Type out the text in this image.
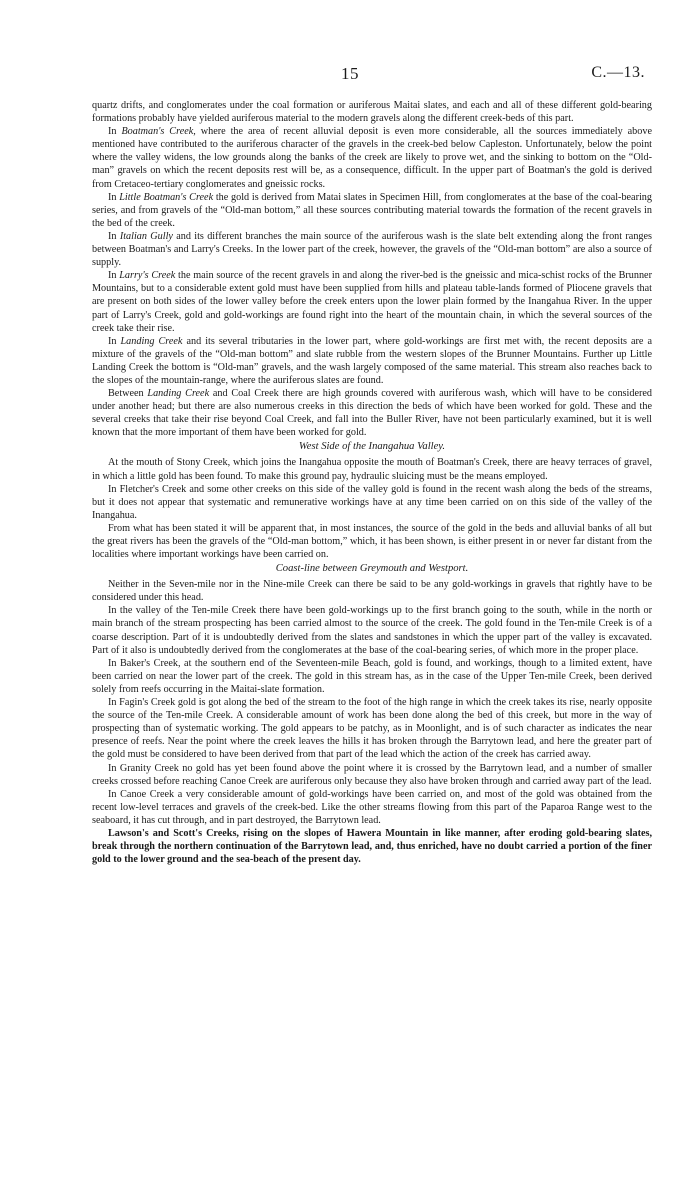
15	C.—13.

quartz drifts, and conglomerates under the coal formation or auriferous Maitai slates, and each and all of these different gold-bearing formations probably have yielded auriferous material to the modern gravels along the different creek-beds of this part.

In Boatman's Creek, where the area of recent alluvial deposit is even more considerable, all the sources immediately above mentioned have contributed to the auriferous character of the gravels in the creek-bed below Capleston. Unfortunately, below the point where the valley widens, the low grounds along the banks of the creek are likely to prove wet, and the sinking to bottom on the “Old-man” gravels on which the recent deposits rest will be, as a consequence, difficult. In the upper part of Boatman's the gold is derived from Cretaceo-tertiary conglomerates and gneissic rocks.

In Little Boatman's Creek the gold is derived from Matai slates in Specimen Hill, from conglomerates at the base of the coal-bearing series, and from gravels of the “Old-man bottom,” all these sources contributing material towards the formation of the recent gravels in the bed of the creek.

In Italian Gully and its different branches the main source of the auriferous wash is the slate belt extending along the front ranges between Boatman's and Larry's Creeks. In the lower part of the creek, however, the gravels of the “Old-man bottom” are also a source of supply.

In Larry's Creek the main source of the recent gravels in and along the river-bed is the gneissic and mica-schist rocks of the Brunner Mountains, but to a considerable extent gold must have been supplied from hills and plateau table-lands formed of Pliocene gravels that are present on both sides of the lower valley before the creek enters upon the lower plain formed by the Inangahua River. In the upper part of Larry's Creek, gold and gold-workings are found right into the heart of the mountain chain, in which the several sources of the creek take their rise.

In Landing Creek and its several tributaries in the lower part, where gold-workings are first met with, the recent deposits are a mixture of the gravels of the “Old-man bottom” and slate rubble from the western slopes of the Brunner Mountains. Further up Little Landing Creek the bottom is “Old-man” gravels, and the wash largely composed of the same material. This stream also reaches back to the slopes of the mountain-range, where the auriferous slates are found.

Between Landing Creek and Coal Creek there are high grounds covered with auriferous wash, which will have to be considered under another head; but there are also numerous creeks in this direction the beds of which have been worked for gold. These and the several creeks that take their rise beyond Coal Creek, and fall into the Buller River, have not been particularly examined, but it is well known that the more important of them have been worked for gold.

West Side of the Inangahua Valley.

At the mouth of Stony Creek, which joins the Inangahua opposite the mouth of Boatman's Creek, there are heavy terraces of gravel, in which a little gold has been found. To make this ground pay, hydraulic sluicing must be the means employed.

In Fletcher's Creek and some other creeks on this side of the valley gold is found in the recent wash along the beds of the streams, but it does not appear that systematic and remunerative workings have at any time been carried on on this side of the valley of the Inangahua.

From what has been stated it will be apparent that, in most instances, the source of the gold in the beds and alluvial banks of all but the great rivers has been the gravels of the “Old-man bottom,” which, it has been shown, is either present in or never far distant from the localities where important workings have been carried on.

Coast-line between Greymouth and Westport.

Neither in the Seven-mile nor in the Nine-mile Creek can there be said to be any gold-workings in gravels that rightly have to be considered under this head.

In the valley of the Ten-mile Creek there have been gold-workings up to the first branch going to the south, while in the north or main branch of the stream prospecting has been carried almost to the source of the creek. The gold found in the Ten-mile Creek is of a coarse description. Part of it is undoubtedly derived from the slates and sandstones in which the upper part of the valley is excavated. Part of it also is undoubtedly derived from the conglomerates at the base of the coal-bearing series, of which more in the proper place.

In Baker's Creek, at the southern end of the Seventeen-mile Beach, gold is found, and workings, though to a limited extent, have been carried on near the lower part of the creek. The gold in this stream has, as in the case of the Upper Ten-mile Creek, been derived solely from reefs occurring in the Maitai-slate formation.

In Fagin's Creek gold is got along the bed of the stream to the foot of the high range in which the creek takes its rise, nearly opposite the source of the Ten-mile Creek. A considerable amount of work has been done along the bed of this creek, but more in the way of prospecting than of systematic working. The gold appears to be patchy, as in Moonlight, and is of such character as indicates the near presence of reefs. Near the point where the creek leaves the hills it has broken through the Barrytown lead, and here the greater part of the gold must be considered to have been derived from that part of the lead which the action of the creek has carried away.

In Granity Creek no gold has yet been found above the point where it is crossed by the Barrytown lead, and a number of smaller creeks crossed before reaching Canoe Creek are auriferous only because they also have broken through and carried away part of the lead.

In Canoe Creek a very considerable amount of gold-workings have been carried on, and most of the gold was obtained from the recent low-level terraces and gravels of the creek-bed. Like the other streams flowing from this part of the Paparoa Range west to the seaboard, it has cut through, and in part destroyed, the Barrytown lead.

Lawson's and Scott's Creeks, rising on the slopes of Hawera Mountain in like manner, after eroding gold-bearing slates, break through the northern continuation of the Barrytown lead, and, thus enriched, have no doubt carried a portion of the finer gold to the lower ground and the sea-beach of the present day.
